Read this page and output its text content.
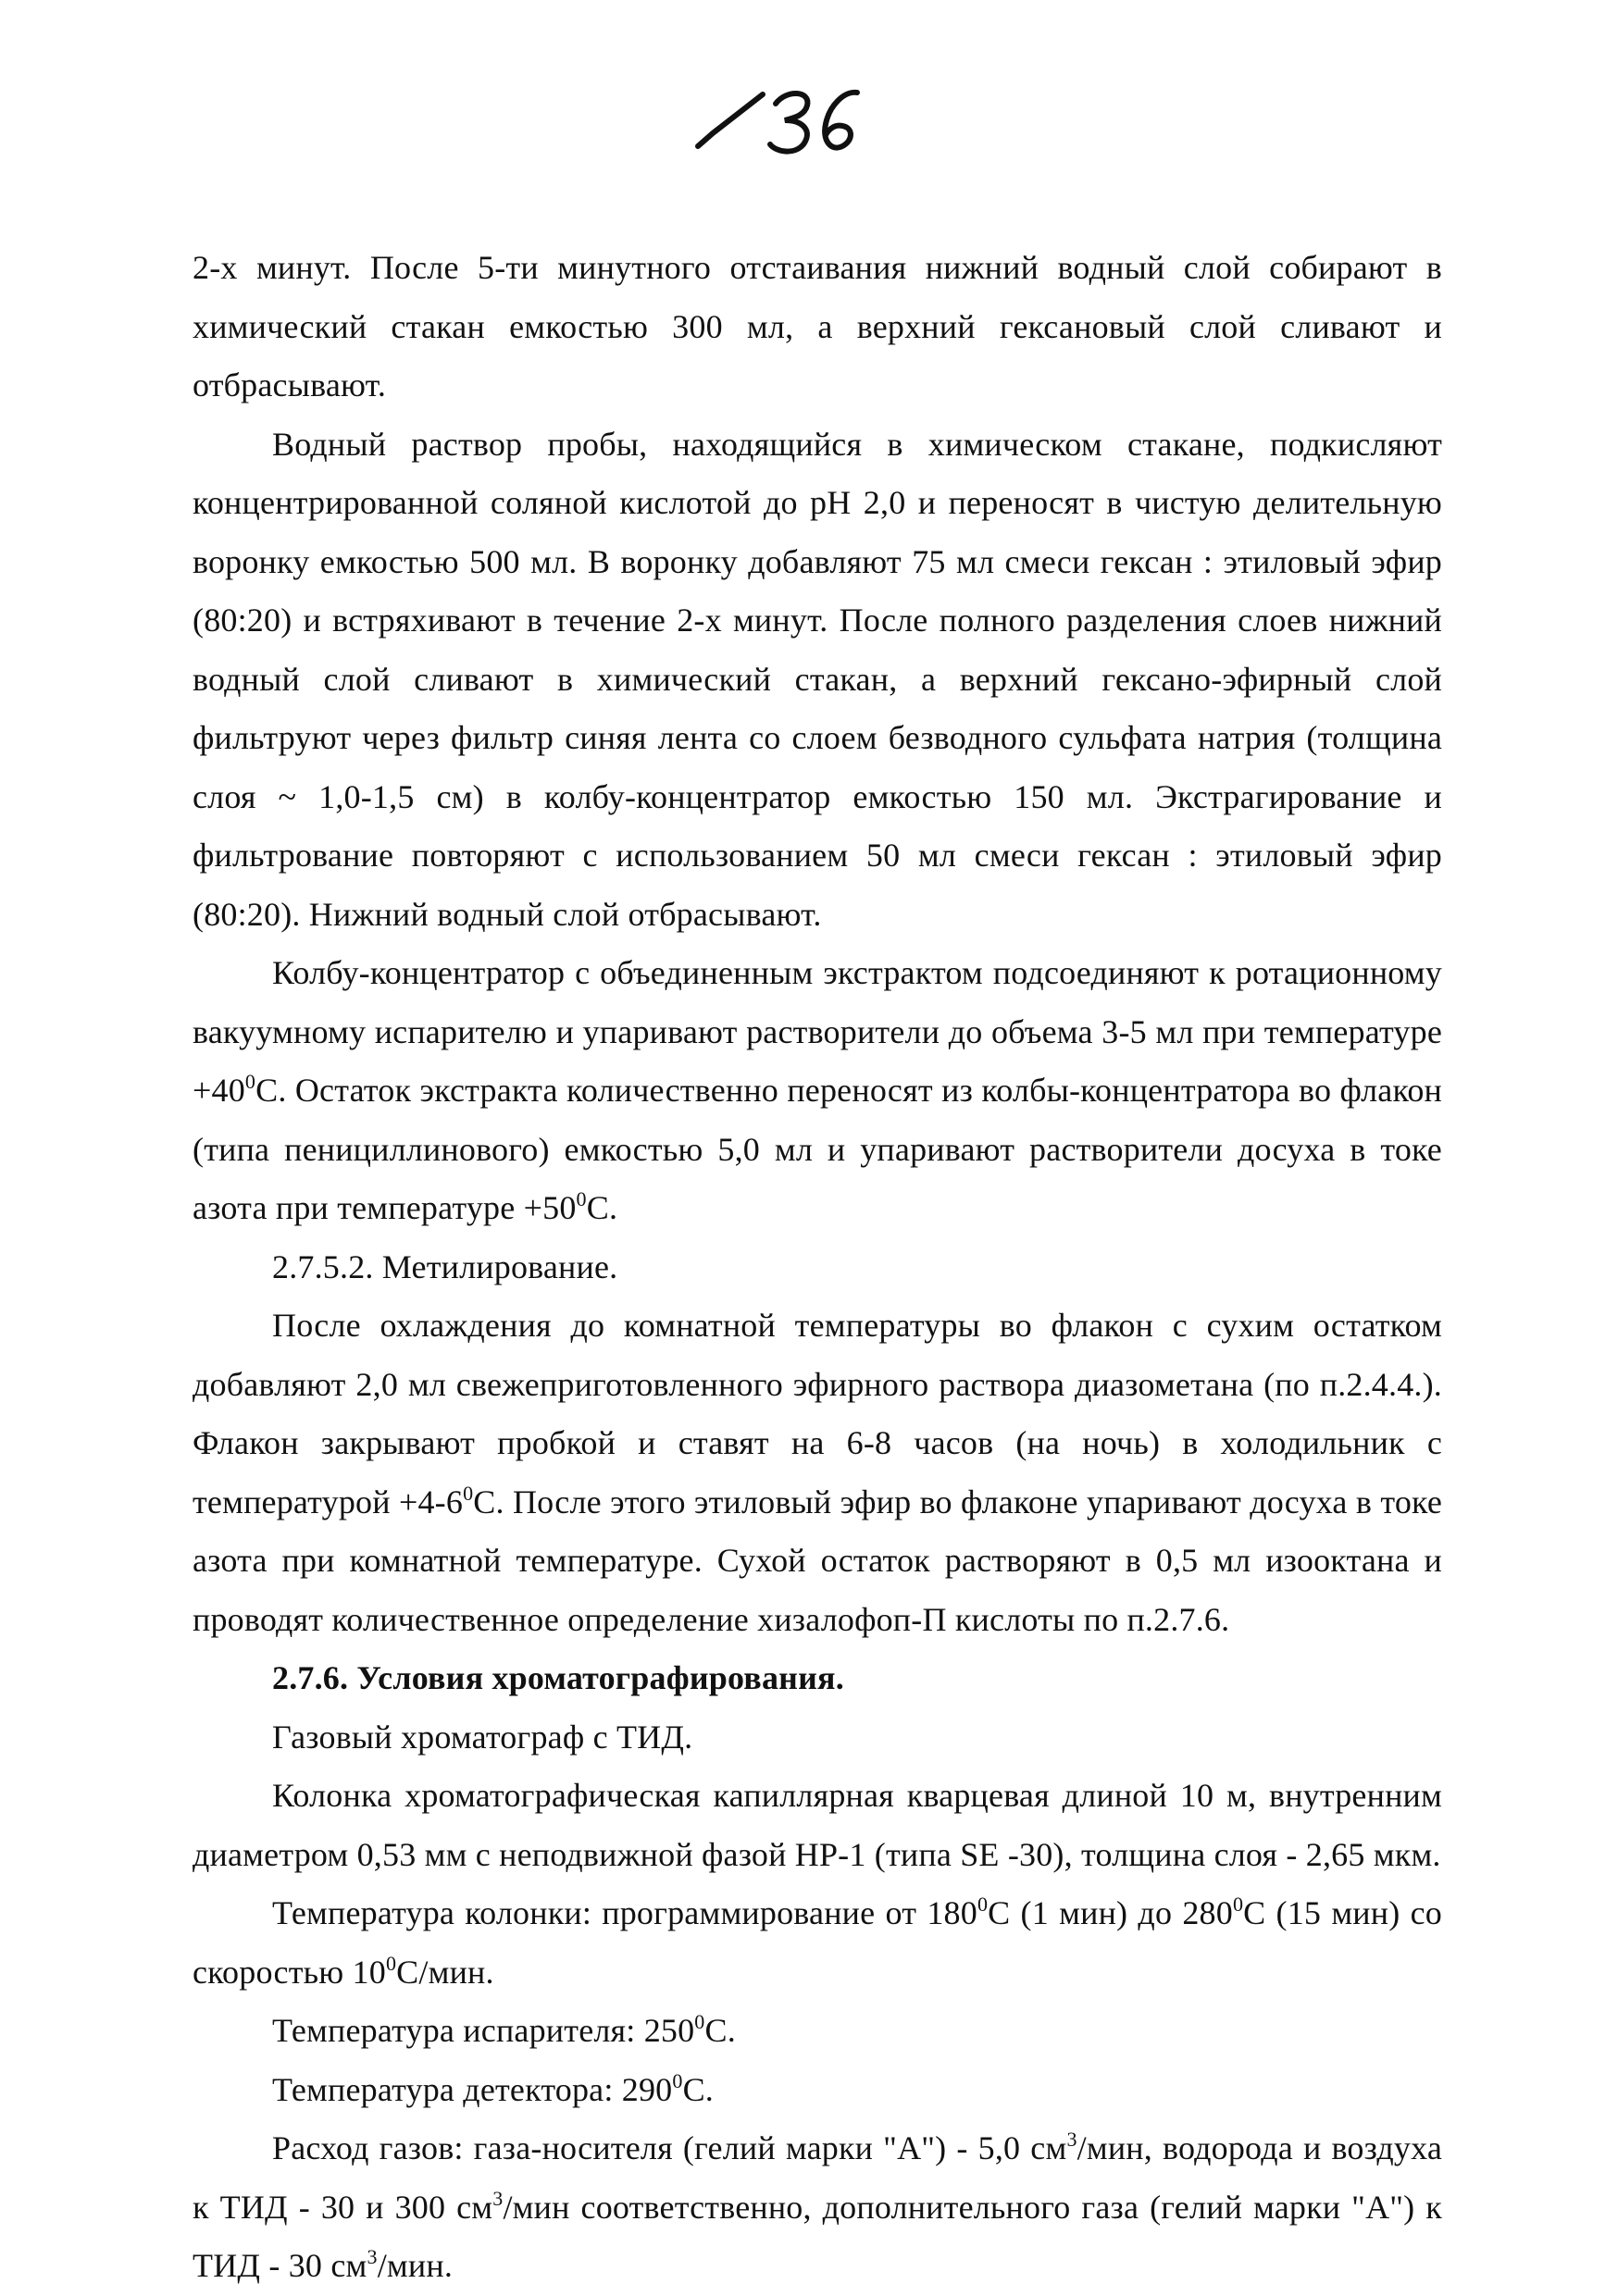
2-х минут. После 5-ти минутного отстаивания нижний водный слой собирают в химический стакан емкостью 300 мл, а верхний гексановый слой сливают и отбрасывают.

Водный раствор пробы, находящийся в химическом стакане, подкисляют концентрированной соляной кислотой до рН 2,0 и переносят в чистую делительную воронку емкостью 500 мл. В воронку добавляют 75 мл смеси гексан : этиловый эфир (80:20) и встряхивают в течение 2-х минут. После полного разделения слоев нижний водный слой сливают в химический стакан, а верхний гексано-эфирный слой фильтруют через фильтр синяя лента со слоем безводного сульфата натрия (толщина слоя ~ 1,0-1,5 см) в колбу-концентратор емкостью 150 мл. Экстрагирование и фильтрование повторяют с использованием 50 мл смеси гексан : этиловый эфир (80:20). Нижний водный слой отбрасывают.

Колбу-концентратор с объединенным экстрактом подсоединяют к ротационному вакуумному испарителю и упаривают растворители до объема 3-5 мл при температуре $+40^0С$. Остаток экстракта количественно переносят из колбы-концентратора во флакон (типа пенициллинового) емкостью 5,0 мл и упаривают растворители досуха в токе азота при температуре $+50^0С$.

2.7.5.2. Метилирование.

После охлаждения до комнатной температуры во флакон с сухим остатком добавляют 2,0 мл свежеприготовленного эфирного раствора диазометана (по п.2.4.4.). Флакон закрывают пробкой и ставят на 6-8 часов (на ночь) в холодильник с температурой $+4-6^0С$. После этого этиловый эфир во флаконе упаривают досуха в токе азота при комнатной температуре. Сухой остаток растворяют в 0,5 мл изооктана и проводят количественное определение хизалофоп-П кислоты по п.2.7.6.

2.7.6. Условия хроматографирования.

Газовый хроматограф с ТИД.

Колонка хроматографическая капиллярная кварцевая длиной 10 м, внутренним диаметром 0,53 мм с неподвижной фазой HP-1 (типа SE -30), толщина слоя - 2,65 мкм.

Температура колонки: программирование от $180^0С$ (1 мин) до $280^0С$ (15 мин) со скоростью $10^0С$/мин.

Температура испарителя: $250^0С$.

Температура детектора: $290^0С$.

Расход газов: газа-носителя (гелий марки "А") - 5,0 $см^3$/мин, водорода и воздуха к ТИД - 30 и 300 $см^3$/мин соответственно, дополнительного газа (гелий марки "А") к ТИД - 30 $см^3$/мин.
